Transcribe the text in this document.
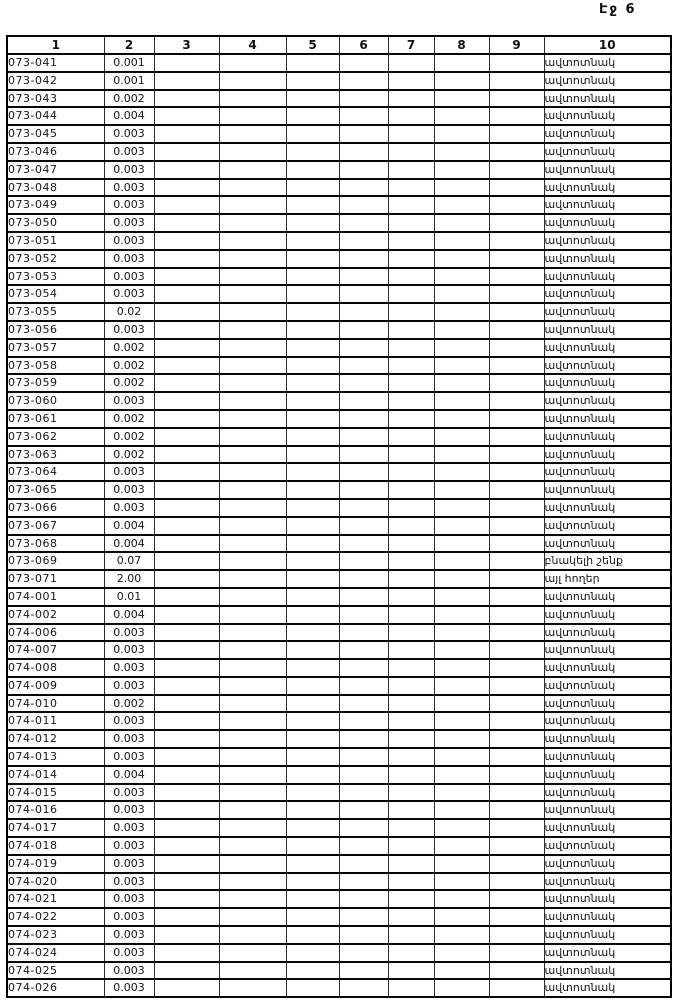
Էջ 6
1	2	3	4	5	6	7	8	9	10
073-041	0.001								ավտոտնակ
073-042	0.001								ավտոտնակ
073-043	0.002								ավտոտնակ
073-044	0.004								ավտոտնակ
073-045	0.003								ավտոտնակ
073-046	0.003								ավտոտնակ
073-047	0.003								ավտոտնակ
073-048	0.003								ավտոտնակ
073-049	0.003								ավտոտնակ
073-050	0.003								ավտոտնակ
073-051	0.003								ավտոտնակ
073-052	0.003								ավտոտնակ
073-053	0.003								ավտոտնակ
073-054	0.003								ավտոտնակ
073-055	0.02								ավտոտնակ
073-056	0.003								ավտոտնակ
073-057	0.002								ավտոտնակ
073-058	0.002								ավտոտնակ
073-059	0.002								ավտոտնակ
073-060	0.003								ավտոտնակ
073-061	0.002								ավտոտնակ
073-062	0.002								ավտոտնակ
073-063	0.002								ավտոտնակ
073-064	0.003								ավտոտնակ
073-065	0.003								ավտոտնակ
073-066	0.003								ավտոտնակ
073-067	0.004								ավտոտնակ
073-068	0.004								ավտոտնակ
073-069	0.07								բնակելի շենք
073-071	2.00								այլ հողեր
074-001	0.01								ավտոտնակ
074-002	0.004								ավտոտնակ
074-006	0.003								ավտոտնակ
074-007	0.003								ավտոտնակ
074-008	0.003								ավտոտնակ
074-009	0.003								ավտոտնակ
074-010	0.002								ավտոտնակ
074-011	0.003								ավտոտնակ
074-012	0.003								ավտոտնակ
074-013	0.003								ավտոտնակ
074-014	0.004								ավտոտնակ
074-015	0.003								ավտոտնակ
074-016	0.003								ավտոտնակ
074-017	0.003								ավտոտնակ
074-018	0.003								ավտոտնակ
074-019	0.003								ավտոտնակ
074-020	0.003								ավտոտնակ
074-021	0.003								ավտոտնակ
074-022	0.003								ավտոտնակ
074-023	0.003								ավտոտնակ
074-024	0.003								ավտոտնակ
074-025	0.003								ավտոտնակ
074-026	0.003								ավտոտնակ
